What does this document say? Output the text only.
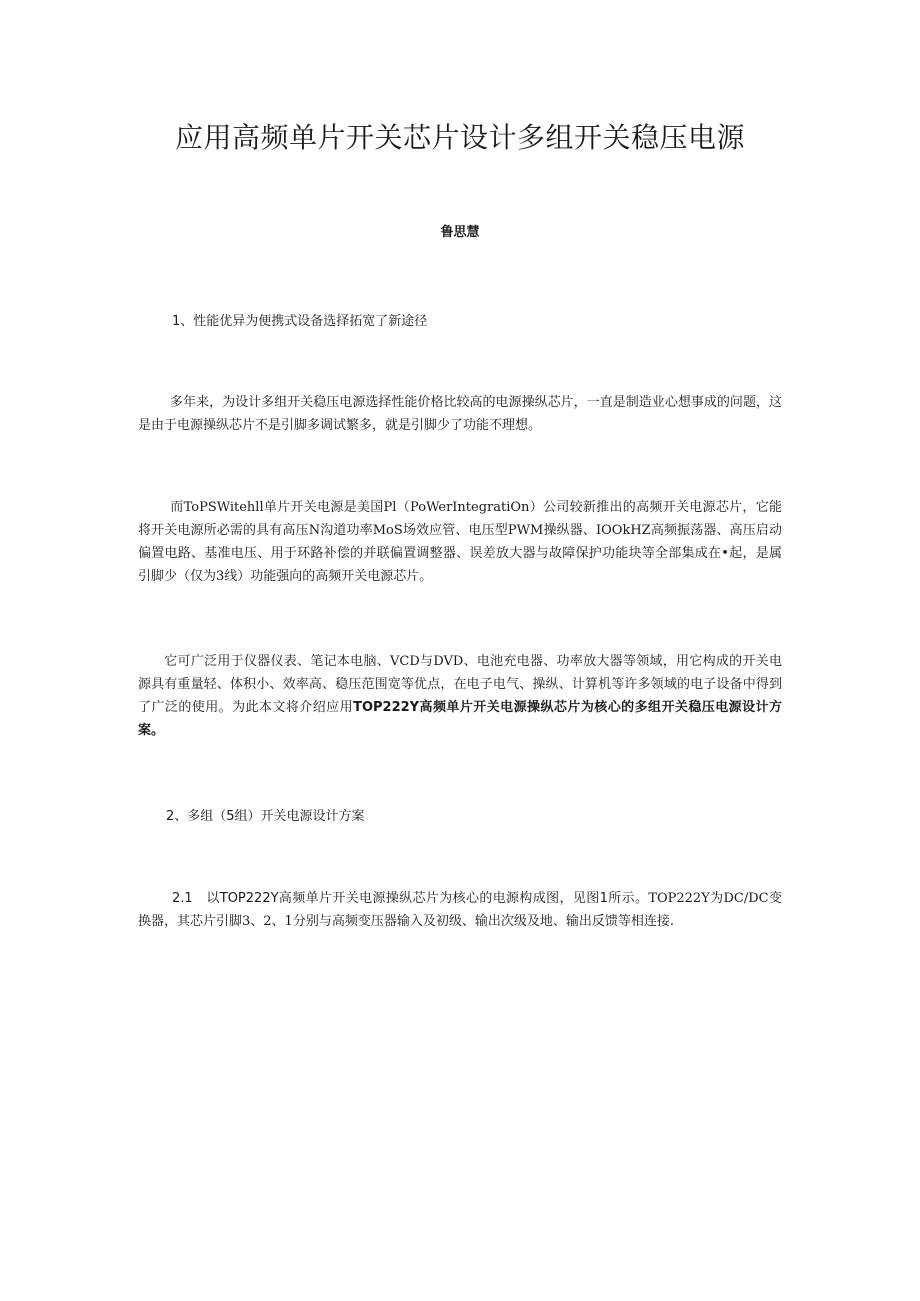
应用高频单片开关芯片设计多组开关稳压电源
鲁思慧
1、性能优异为便携式设备选择拓宽了新途径

多年来，为设计多组开关稳压电源选择性能价格比较高的电源操纵芯片，一直是制造业心想事成的问题，这是由于电源操纵芯片不是引脚多调试繁多，就是引脚少了功能不理想。

而ToPSWitehll单片开关电源是美国Pl（PoWerIntegratiOn）公司较新推出的高频开关电源芯片，它能将开关电源所必需的具有高压N沟道功率MoS场效应管、电压型PWM操纵器、IOOkHZ高频振荡器、高压启动偏置电路、基准电压、用于环路补偿的并联偏置调整器、误差放大器与故障保护功能块等全部集成在•起，是属引脚少（仅为3线）功能强向的高频开关电源芯片。

它可广泛用于仪器仪表、笔记本电脑、VCD与DVD、电池充电器、功率放大器等领域，用它构成的开关电源具有重量轻、体积小、效率高、稳压范围宽等优点，在电子电气、操纵、计算机等许多领域的电子设备中得到了广泛的使用。为此本文将介绍应用TOP222Y高频单片开关电源操纵芯片为核心的多组开关稳压电源设计方案。

2、多组（5组）开关电源设计方案

2.1　以TOP222Y高频单片开关电源操纵芯片为核心的电源构成图，见图1所示。TOP222Y为DC/DC变换器，其芯片引脚3、2、1分别与高频变压器输入及初级、输出次级及地、输出反馈等相连接.
